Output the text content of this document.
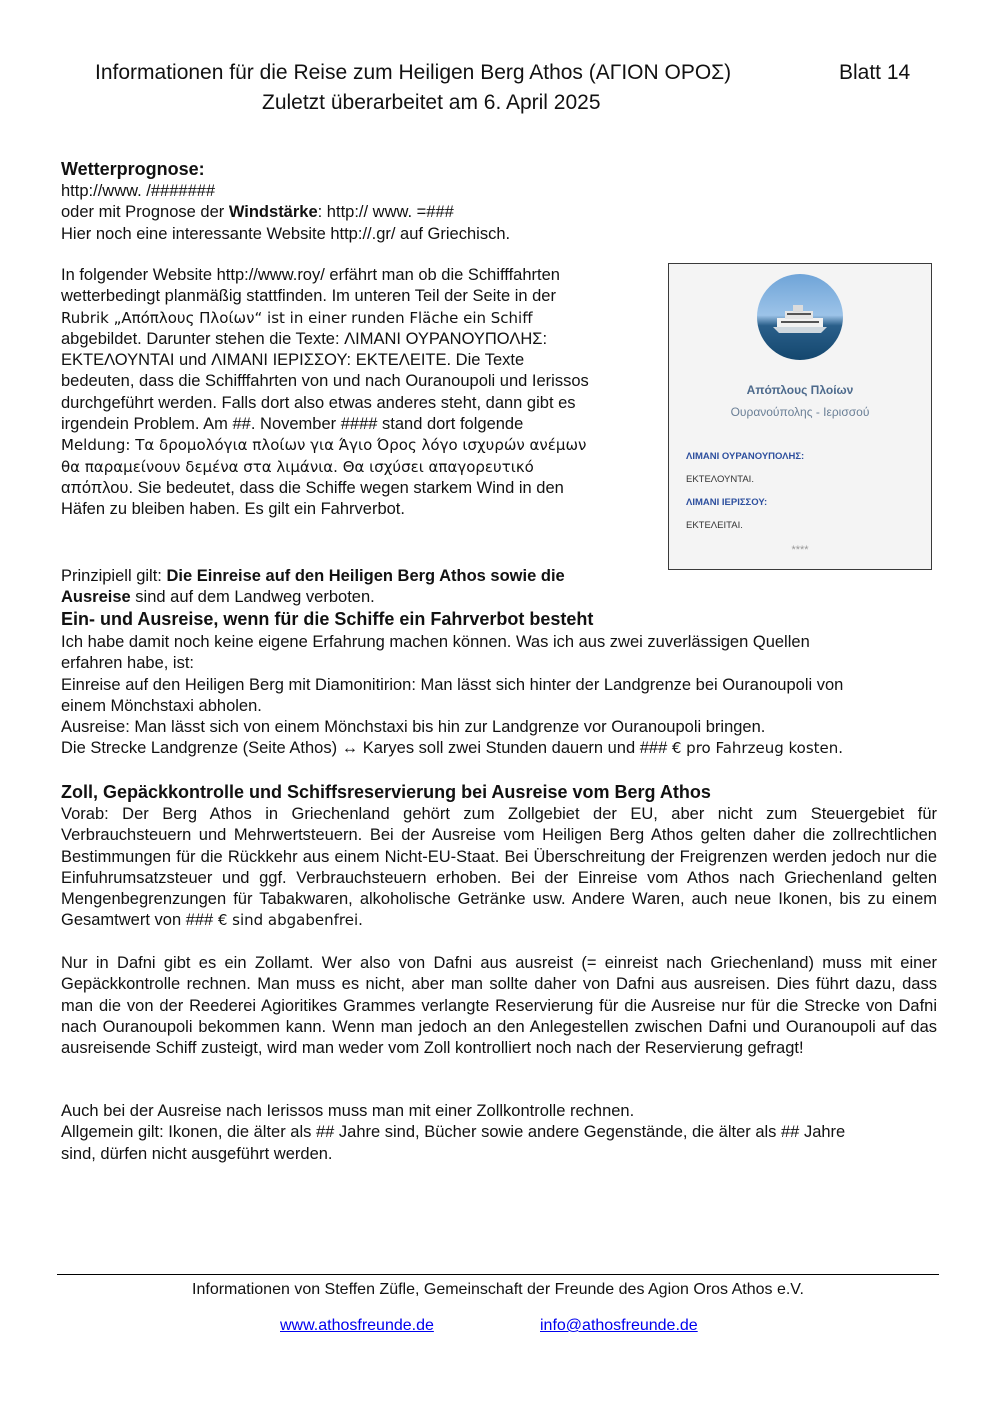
Informationen für die Reise zum Heiligen Berg Athos (ΑΓΙΟΝ ΟΡΟΣ)	Blatt 14
Zuletzt überarbeitet am 6. April 2025
Wetterprognose:
http://www. /#######
oder mit Prognose der Windstärke: http:// www. =###
Hier noch eine interessante Website http://.gr/ auf Griechisch.
In folgender Website http://www.roy/ erfährt man ob die Schifffahrten
wetterbedingt planmäßig stattfinden. Im unteren Teil der Seite in der
Rubrik „Απόπλους Πλοίων“ ist in einer runden Fläche ein Schiff
abgebildet. Darunter stehen die Texte: ΛΙΜΑΝΙ ΟΥΡΑΝΟΥΠΟΛΗΣ:
ΕΚΤΕΛΟΥΝΤΑΙ und ΛΙΜΑΝΙ ΙΕΡΙΣΣΟΥ: ΕΚΤΕΛΕΙΤΕ. Die Texte
bedeuten, dass die Schifffahrten von und nach Ouranoupoli und Ierissos
durchgeführt werden. Falls dort also etwas anderes steht, dann gibt es
irgendein Problem. Am ##. November #### stand dort folgende
Meldung: Τα δρομολόγια πλοίων για Άγιο Όρος λόγο ισχυρών ανέμων
θα παραμείνουν δεμένα στα λιμάνια. Θα ισχύσει απαγορευτικό
απόπλου. Sie bedeutet, dass die Schiffe wegen starkem Wind in den
Häfen zu bleiben haben. Es gilt ein Fahrverbot.
Απόπλους Πλοίων
Ουρανούπολης - Ιερισσού
ΛΙΜΑΝΙ ΟΥΡΑΝΟΥΠΟΛΗΣ:
ΕΚΤΕΛΟΥΝΤΑΙ.
ΛΙΜΑΝΙ ΙΕΡΙΣΣΟΥ:
ΕΚΤΕΛΕΙΤΑΙ.
****
Prinzipiell gilt: Die Einreise auf den Heiligen Berg Athos sowie die
Ausreise sind auf dem Landweg verboten.
Ein- und Ausreise, wenn für die Schiffe ein Fahrverbot besteht
Ich habe damit noch keine eigene Erfahrung machen können. Was ich aus zwei zuverlässigen Quellen
erfahren habe, ist:
Einreise auf den Heiligen Berg mit Diamonitirion: Man lässt sich hinter der Landgrenze bei Ouranoupoli von
einem Mönchstaxi abholen.
Ausreise: Man lässt sich von einem Mönchstaxi bis hin zur Landgrenze vor Ouranoupoli bringen.
Die Strecke Landgrenze (Seite Athos) ↔ Karyes soll zwei Stunden dauern und ### € pro Fahrzeug kosten.
Zoll, Gepäckkontrolle und Schiffsreservierung bei Ausreise vom Berg Athos
Vorab: Der Berg Athos in Griechenland gehört zum Zollgebiet der EU, aber nicht zum Steuergebiet für Verbrauchsteuern und Mehrwertsteuern. Bei der Ausreise vom Heiligen Berg Athos gelten daher die zollrechtlichen Bestimmungen für die Rückkehr aus einem Nicht-EU-Staat. Bei Überschreitung der Freigrenzen werden jedoch nur die Einfuhrumsatzsteuer und ggf. Verbrauchsteuern erhoben. Bei der Einreise vom Athos nach Griechenland gelten Mengenbegrenzungen für Tabakwaren, alkoholische Getränke usw. Andere Waren, auch neue Ikonen, bis zu einem Gesamtwert von ### € sind abgabenfrei.
Nur in Dafni gibt es ein Zollamt. Wer also von Dafni aus ausreist (= einreist nach Griechenland) muss mit einer Gepäckkontrolle rechnen. Man muss es nicht, aber man sollte daher von Dafni aus ausreisen. Dies führt dazu, dass man die von der Reederei Agioritikes Grammes verlangte Reservierung für die Ausreise nur für die Strecke von Dafni nach Ouranoupoli bekommen kann. Wenn man jedoch an den Anlegestellen zwischen Dafni und Ouranoupoli auf das ausreisende Schiff zusteigt, wird man weder vom Zoll kontrolliert noch nach der Reservierung gefragt!
Auch bei der Ausreise nach Ierissos muss man mit einer Zollkontrolle rechnen.
Allgemein gilt: Ikonen, die älter als ## Jahre sind, Bücher sowie andere Gegenstände, die älter als ## Jahre
sind, dürfen nicht ausgeführt werden.
Informationen von Steffen Züfle, Gemeinschaft der Freunde des Agion Oros Athos e.V.
www.athosfreunde.de	info@athosfreunde.de
